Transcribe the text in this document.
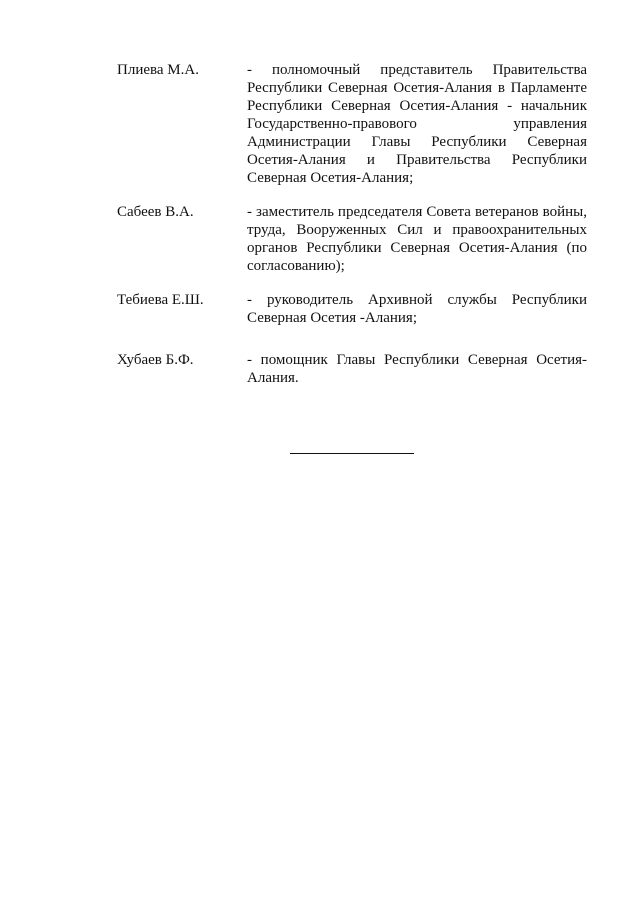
Плиева М.А.	- полномочный представитель Правительства Республики Северная Осетия-Алания в Парламенте Республики Северная Осетия-Алания - начальник Государственно-правового управления Администрации Главы Республики Северная Осетия-Алания и Правительства Республики Северная Осетия-Алания;
Сабеев В.А.	- заместитель председателя Совета ветеранов войны, труда, Вооруженных Сил и правоохранительных органов Республики Северная Осетия-Алания (по согласованию);
Тебиева Е.Ш.	- руководитель Архивной службы Республики Северная Осетия -Алания;
Хубаев Б.Ф.	- помощник Главы Республики Северная Осетия-Алания.
